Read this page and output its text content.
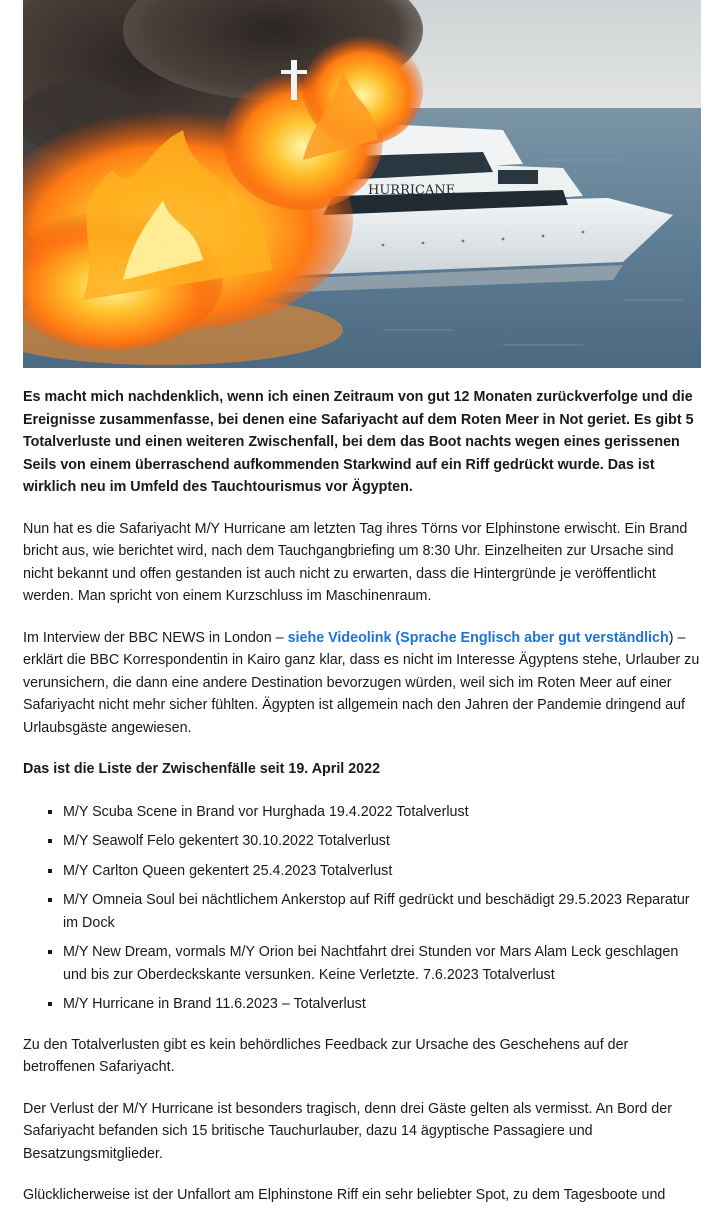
HURRICANE

Es macht mich nachdenklich, wenn ich einen Zeitraum von gut 12 Monaten zurückverfolge und die Ereignisse zusammenfasse, bei denen eine Safariyacht auf dem Roten Meer in Not geriet. Es gibt 5 Totalverluste und einen weiteren Zwischenfall, bei dem das Boot nachts wegen eines gerissenen Seils von einem überraschend aufkommenden Starkwind auf ein Riff gedrückt wurde. Das ist wirklich neu im Umfeld des Tauchtourismus vor Ägypten.

Nun hat es die Safariyacht M/Y Hurricane am letzten Tag ihres Törns vor Elphinstone erwischt. Ein Brand bricht aus, wie berichtet wird, nach dem Tauchgangbriefing um 8:30 Uhr. Einzelheiten zur Ursache sind nicht bekannt und offen gestanden ist auch nicht zu erwarten, dass die Hintergründe je veröffentlicht werden. Man spricht von einem Kurzschluss im Maschinenraum.

Im Interview der BBC NEWS in London – siehe Videolink (Sprache Englisch aber gut verständlich) – erklärt die BBC Korrespondentin in Kairo ganz klar, dass es nicht im Interesse Ägyptens stehe, Urlauber zu verunsichern, die dann eine andere Destination bevorzugen würden, weil sich im Roten Meer auf einer Safariyacht nicht mehr sicher fühlten. Ägypten ist allgemein nach den Jahren der Pandemie dringend auf Urlaubsgäste angewiesen.

Das ist die Liste der Zwischenfälle seit 19. April 2022

▪ M/Y Scuba Scene in Brand vor Hurghada 19.4.2022 Totalverlust
▪ M/Y Seawolf Felo gekentert 30.10.2022 Totalverlust
▪ M/Y Carlton Queen gekentert 25.4.2023 Totalverlust
▪ M/Y Omneia Soul bei nächtlichem Ankerstop auf Riff gedrückt und beschädigt 29.5.2023 Reparatur im Dock
▪ M/Y New Dream, vormals M/Y Orion bei Nachtfahrt drei Stunden vor Mars Alam Leck geschlagen und bis zur Oberdeckskante versunken. Keine Verletzte. 7.6.2023 Totalverlust
▪ M/Y Hurricane in Brand 11.6.2023 – Totalverlust

Zu den Totalverlusten gibt es kein behördliches Feedback zur Ursache des Geschehens auf der betroffenen Safariyacht.

Der Verlust der M/Y Hurricane ist besonders tragisch, denn drei Gäste gelten als vermisst. An Bord der Safariyacht befanden sich 15 britische Tauchurlauber, dazu 14 ägyptische Passagiere und Besatzungsmitglieder.

Glücklicherweise ist der Unfallort am Elphinstone Riff ein sehr beliebter Spot, zu dem Tagesboote und
